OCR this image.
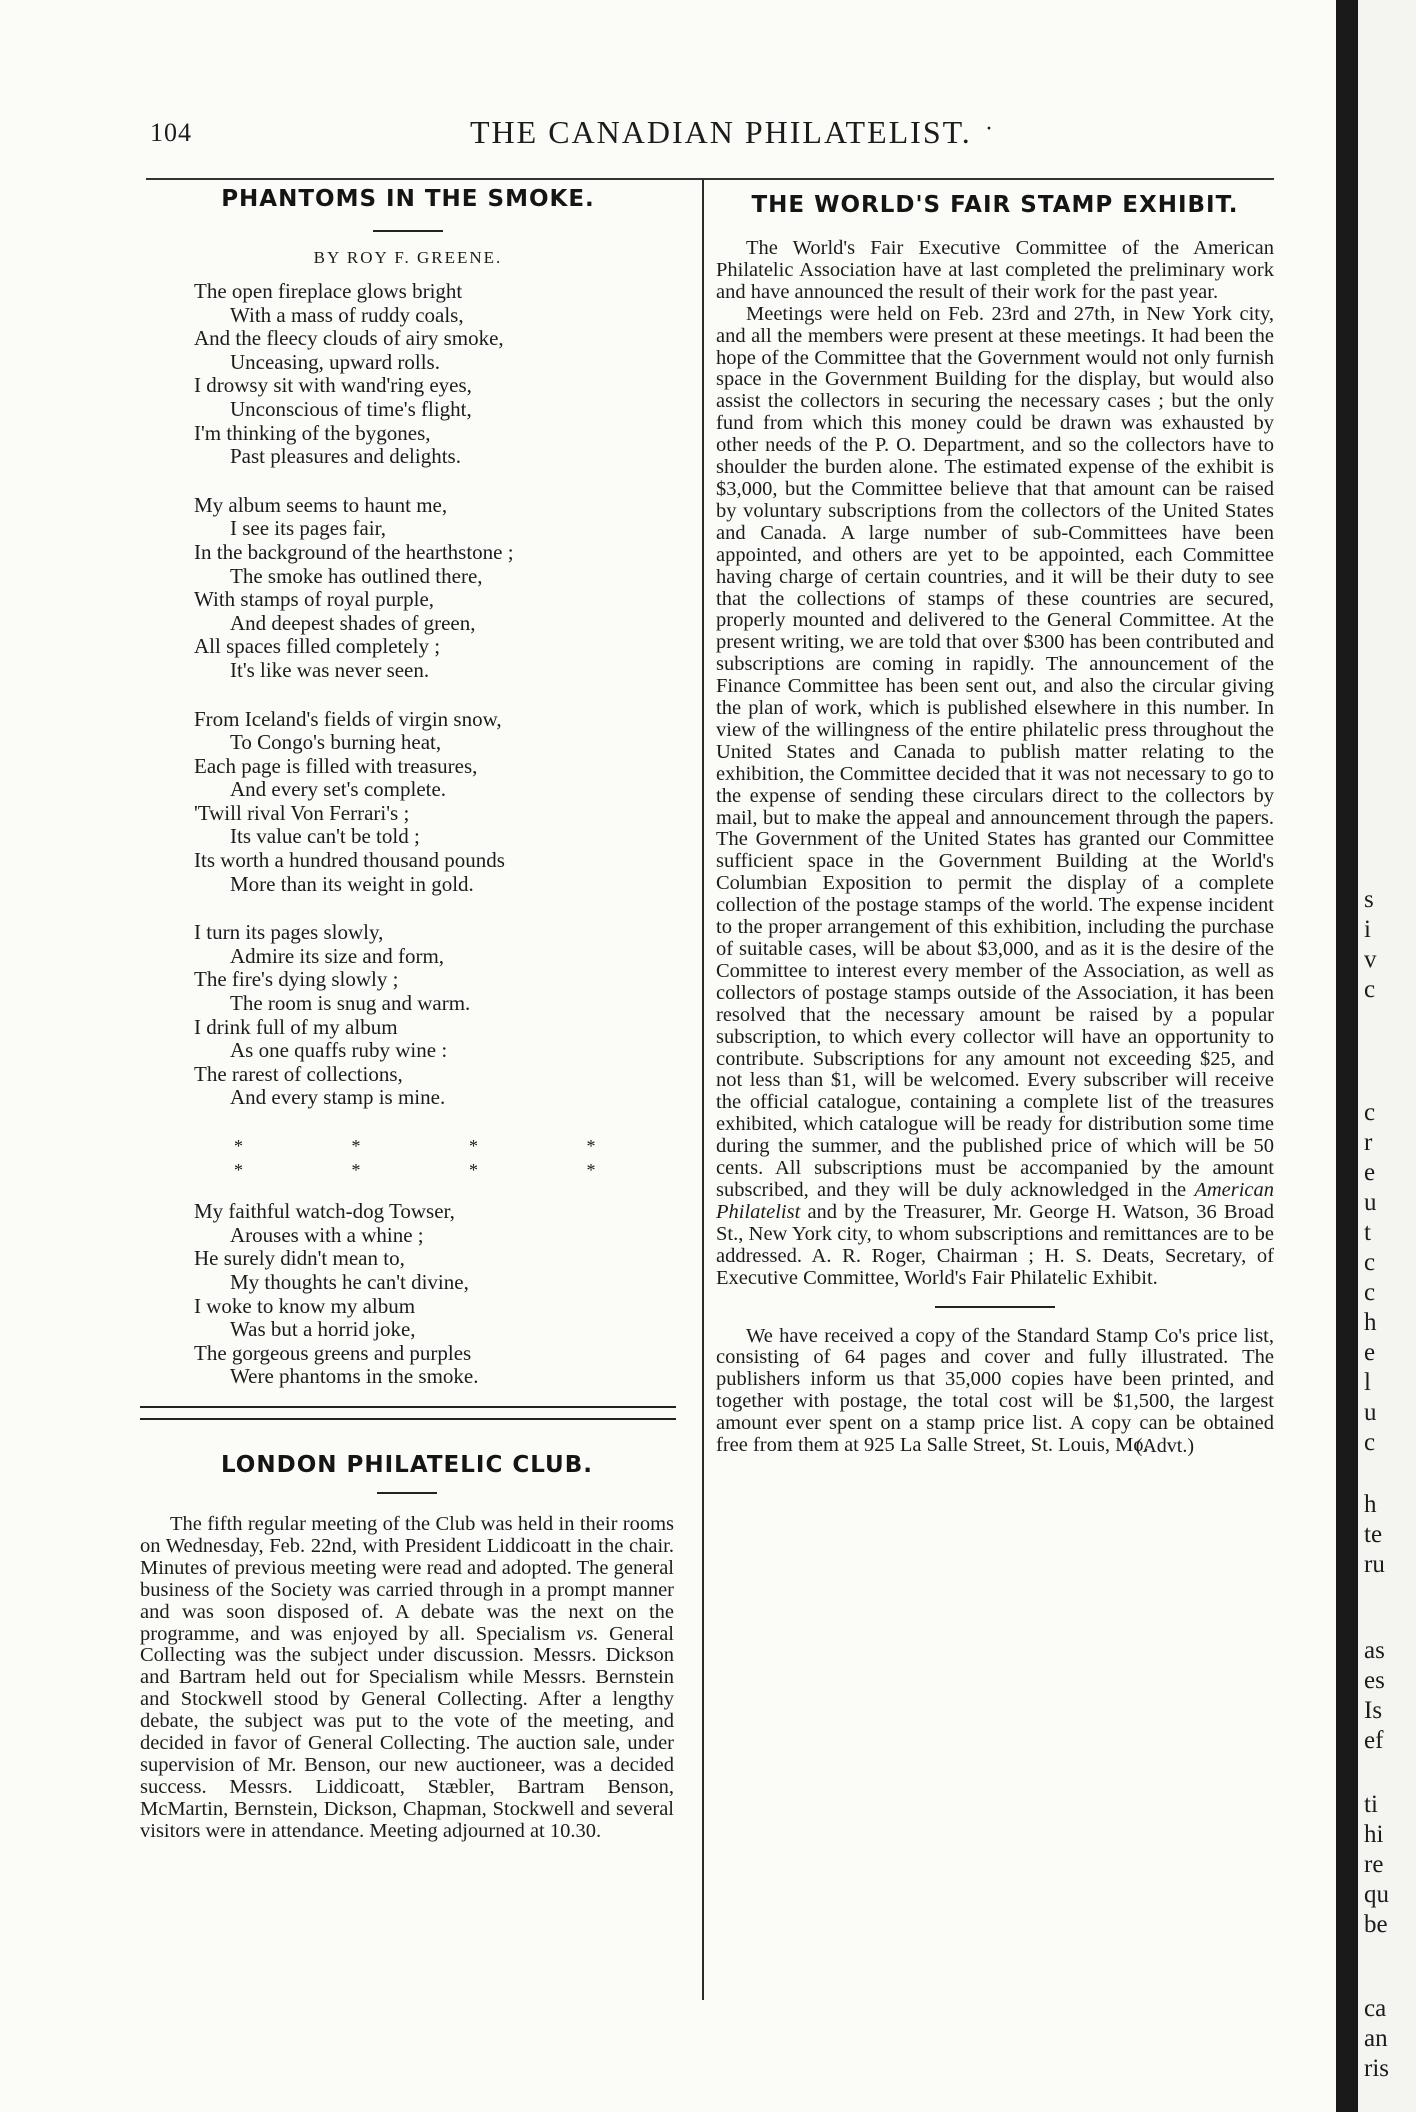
104	THE CANADIAN PHILATELIST. ·
PHANTOMS IN THE SMOKE.
BY ROY F. GREENE.
The open fireplace glows bright
With a mass of ruddy coals,
And the fleecy clouds of airy smoke,
Unceasing, upward rolls.
I drowsy sit with wand'ring eyes,
Unconscious of time's flight,
I'm thinking of the bygones,
Past pleasures and delights.
My album seems to haunt me,
I see its pages fair,
In the background of the hearthstone ;
The smoke has outlined there,
With stamps of royal purple,
And deepest shades of green,
All spaces filled completely ;
It's like was never seen.
From Iceland's fields of virgin snow,
To Congo's burning heat,
Each page is filled with treasures,
And every set's complete.
'Twill rival Von Ferrari's ;
Its value can't be told ;
Its worth a hundred thousand pounds
More than its weight in gold.
I turn its pages slowly,
Admire its size and form,
The fire's dying slowly ;
The room is snug and warm.
I drink full of my album
As one quaffs ruby wine :
The rarest of collections,
And every stamp is mine.
* * * * * * * *
My faithful watch-dog Towser,
Arouses with a whine ;
He surely didn't mean to,
My thoughts he can't divine,
I woke to know my album
Was but a horrid joke,
The gorgeous greens and purples
Were phantoms in the smoke.
LONDON PHILATELIC CLUB.

The fifth regular meeting of the Club was held in their rooms on Wednesday, Feb. 22nd, with President Liddicoatt in the chair. Minutes of previous meeting were read and adopted. The general business of the Society was carried through in a prompt manner and was soon disposed of. A debate was the next on the programme, and was enjoyed by all. Specialism vs. General Collecting was the subject under discussion. Messrs. Dickson and Bartram held out for Specialism while Messrs. Bernstein and Stockwell stood by General Collecting. After a lengthy debate, the subject was put to the vote of the meeting, and decided in favor of General Collecting. The auction sale, under supervision of Mr. Benson, our new auctioneer, was a decided success. Messrs. Liddicoatt, Stæbler, Bartram Benson, McMartin, Bernstein, Dickson, Chapman, Stockwell and several visitors were in attendance. Meeting adjourned at 10.30.

THE WORLD'S FAIR STAMP EXHIBIT.

The World's Fair Executive Committee of the American Philatelic Association have at last completed the preliminary work and have announced the result of their work for the past year.

Meetings were held on Feb. 23rd and 27th, in New York city, and all the members were present at these meetings. It had been the hope of the Committee that the Government would not only furnish space in the Government Building for the display, but would also assist the collectors in securing the necessary cases ; but the only fund from which this money could be drawn was exhausted by other needs of the P. O. Department, and so the collectors have to shoulder the burden alone. The estimated expense of the exhibit is $3,000, but the Committee believe that that amount can be raised by voluntary subscriptions from the collectors of the United States and Canada. A large number of sub-Committees have been appointed, and others are yet to be appointed, each Committee having charge of certain countries, and it will be their duty to see that the collections of stamps of these countries are secured, properly mounted and delivered to the General Committee. At the present writing, we are told that over $300 has been contributed and subscriptions are coming in rapidly. The announcement of the Finance Committee has been sent out, and also the circular giving the plan of work, which is published elsewhere in this number. In view of the willingness of the entire philatelic press throughout the United States and Canada to publish matter relating to the exhibition, the Committee decided that it was not necessary to go to the expense of sending these circulars direct to the collectors by mail, but to make the appeal and announcement through the papers. The Government of the United States has granted our Committee sufficient space in the Government Building at the World's Columbian Exposition to permit the display of a complete collection of the postage stamps of the world. The expense incident to the proper arrangement of this exhibition, including the purchase of suitable cases, will be about $3,000, and as it is the desire of the Committee to interest every member of the Association, as well as collectors of postage stamps outside of the Association, it has been resolved that the necessary amount be raised by a popular subscription, to which every collector will have an opportunity to contribute. Subscriptions for any amount not exceeding $25, and not less than $1, will be welcomed. Every subscriber will receive the official catalogue, containing a complete list of the treasures exhibited, which catalogue will be ready for distribution some time during the summer, and the published price of which will be 50 cents. All subscriptions must be accompanied by the amount subscribed, and they will be duly acknowledged in the American Philatelist and by the Treasurer, Mr. George H. Watson, 36 Broad St., New York city, to whom subscriptions and remittances are to be addressed. A. R. Roger, Chairman ; H. S. Deats, Secretary, of Executive Committee, World's Fair Philatelic Exhibit.

We have received a copy of the Standard Stamp Co's price list, consisting of 64 pages and cover and fully illustrated. The publishers inform us that 35,000 copies have been printed, and together with postage, the total cost will be $1,500, the largest amount ever spent on a stamp price list. A copy can be obtained free from them at 925 La Salle Street, St. Louis, Mo.

(Advt.)
s
i
v
c
c
r
e
u
t
c
c
h
e
l
u
c
h
te
ru
as
es
Is
ef
ti
hi
re
qu
be
ca
an
ris
